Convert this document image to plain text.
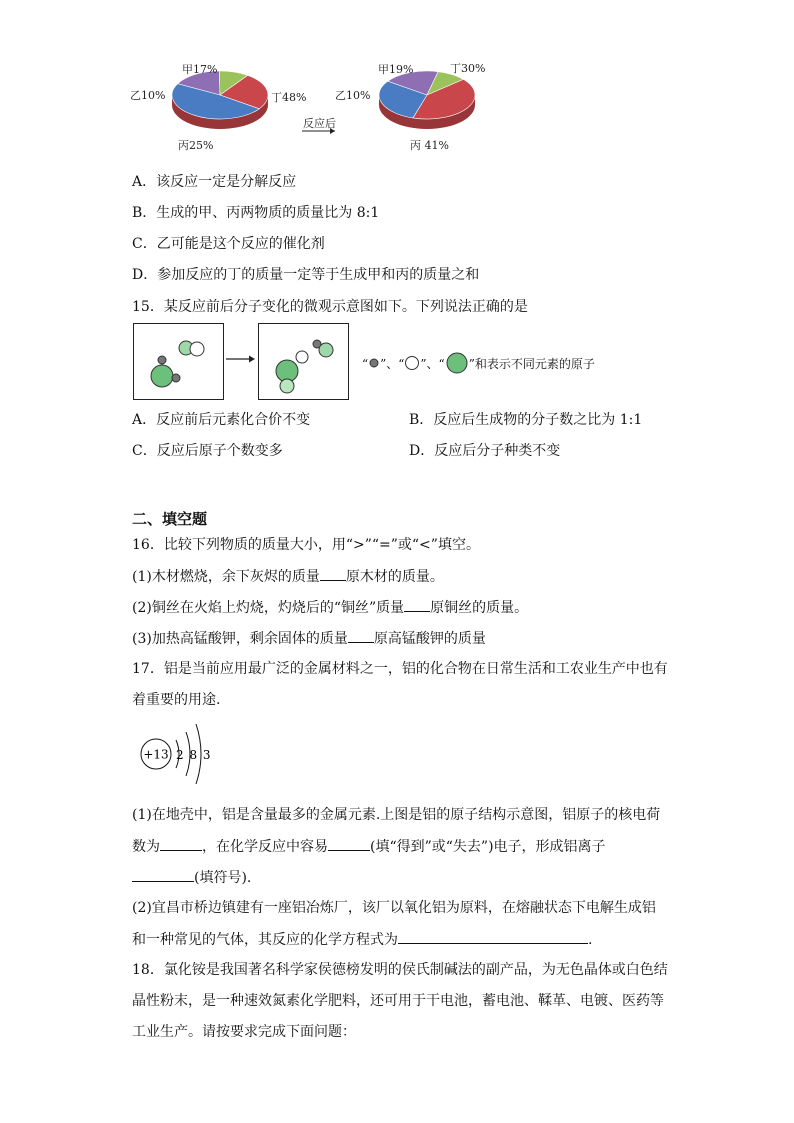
甲17%
乙10%
丙25%
丁48%
甲19%
乙10%
丙 41%
丁30%
反应后
A．该反应一定是分解反应
B．生成的甲、丙两物质的质量比为 8:1
C．乙可能是这个反应的催化剂
D．参加反应的丁的质量一定等于生成甲和丙的质量之和
15．某反应前后分子变化的微观示意图如下。下列说法正确的是
“ ”、“ ”、“ ”和表示不同元素的原子
A．反应前后元素化合价不变	B．反应后生成物的分子数之比为 1:1
C．反应后原子个数变多	D．反应后分子种类不变
二、填空题
16．比较下列物质的质量大小，用“>”“=”或“<”填空。
(1)木材燃烧，余下灰烬的质量 原木材的质量。
(2)铜丝在火焰上灼烧，灼烧后的“铜丝”质量 原铜丝的质量。
(3)加热高锰酸钾，剩余固体的质量 原高锰酸钾的质量
17．铝是当前应用最广泛的金属材料之一，铝的化合物在日常生活和工农业生产中也有
着重要的用途.
+13 2 8 3
(1)在地壳中，铝是含量最多的金属元素.上图是铝的原子结构示意图，铝原子的核电荷
数为	，在化学反应中容易	(填“得到”或“失去”)电子，形成铝离子
(填符号).
(2)宜昌市桥边镇建有一座铝冶炼厂，该厂以氧化铝为原料，在熔融状态下电解生成铝
和一种常见的气体，其反应的化学方程式为	.
18．氯化铵是我国著名科学家侯德榜发明的侯氏制碱法的副产品，为无色晶体或白色结
晶性粉末，是一种速效氮素化学肥料，还可用于干电池，蓄电池、鞣革、电镀、医药等
工业生产。请按要求完成下面问题：
